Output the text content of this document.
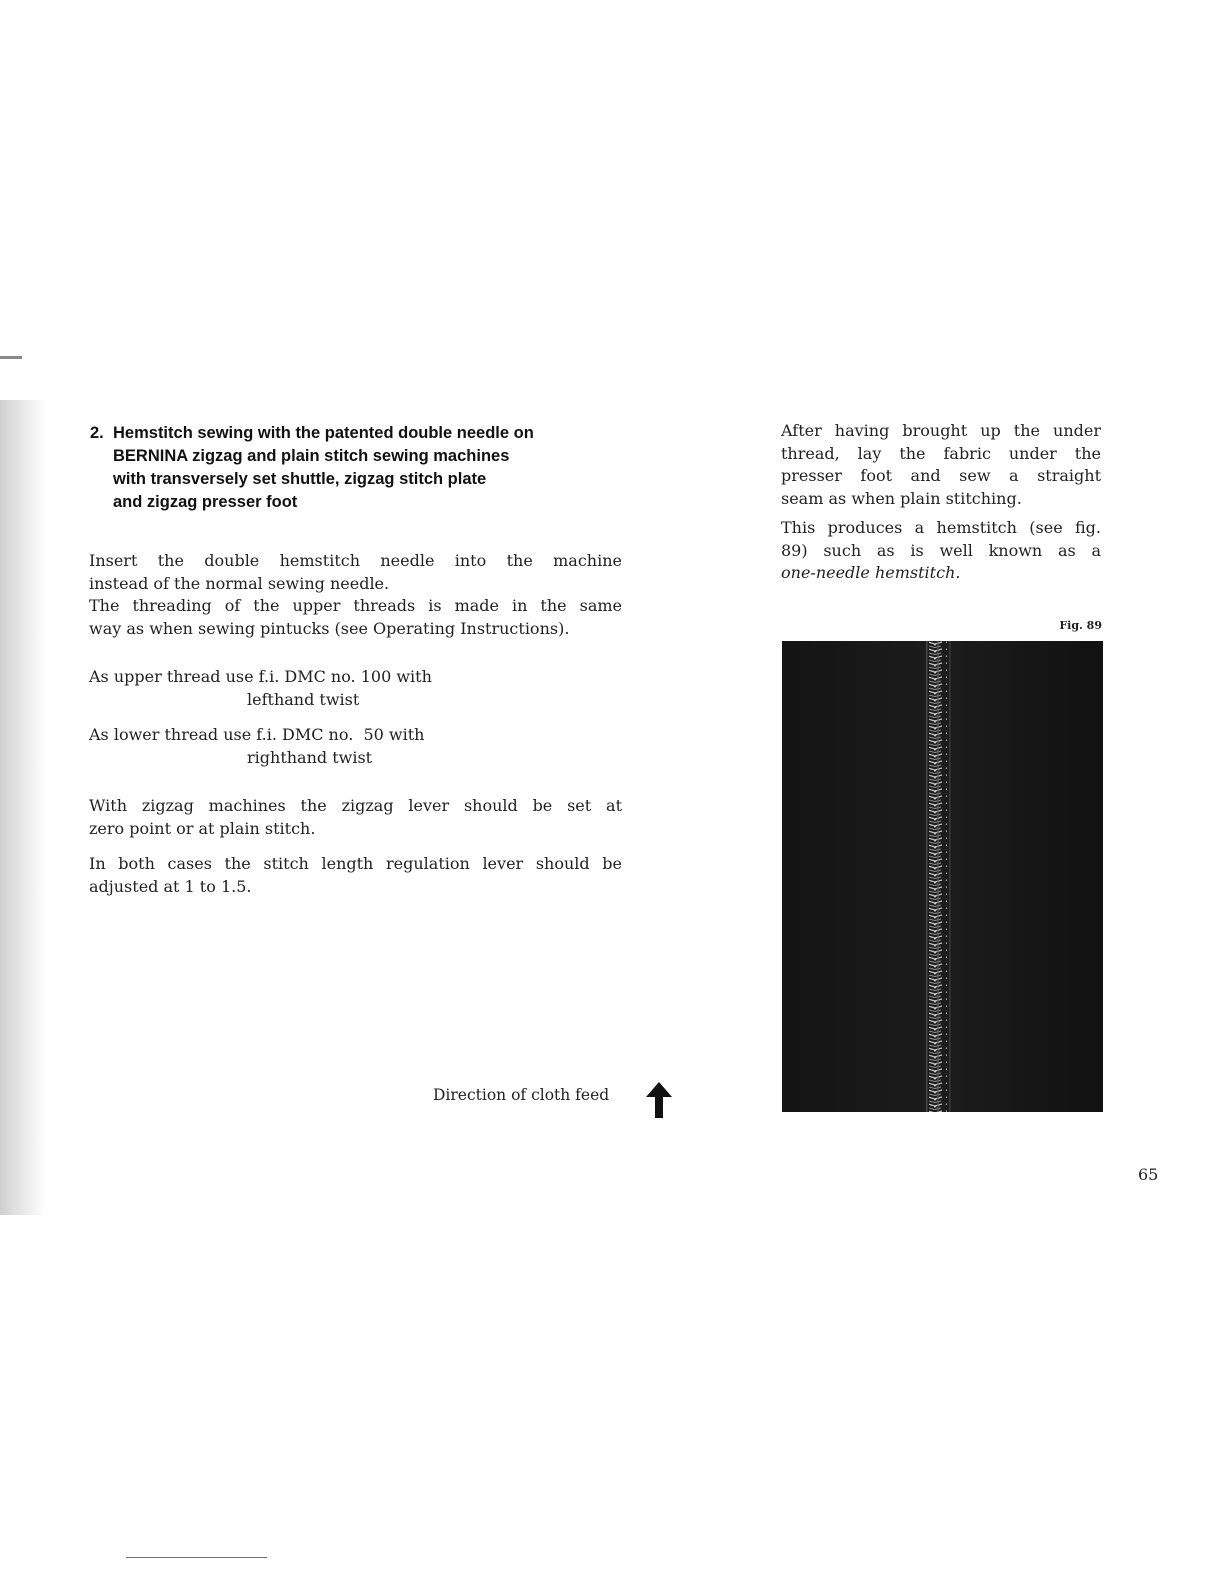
2. Hemstitch sewing with the patented double needle on
BERNINA zigzag and plain stitch sewing machines
with transversely set shuttle, zigzag stitch plate
and zigzag presser foot

Insert the double hemstitch needle into the machine
instead of the normal sewing needle.
The threading of the upper threads is made in the same
way as when sewing pintucks (see Operating Instructions).

As upper thread use f.i. DMC no. 100 with
lefthand twist
As lower thread use f.i. DMC no.  50 with
righthand twist

With zigzag machines the zigzag lever should be set at
zero point or at plain stitch.

In both cases the stitch length regulation lever should be
adjusted at 1 to 1.5.

Direction of cloth feed

After having brought up the under
thread, lay the fabric under the
presser foot and sew a straight
seam as when plain stitching.

This produces a hemstitch (see fig.
89) such as is well known as a
one-needle hemstitch.

Fig. 89
65
